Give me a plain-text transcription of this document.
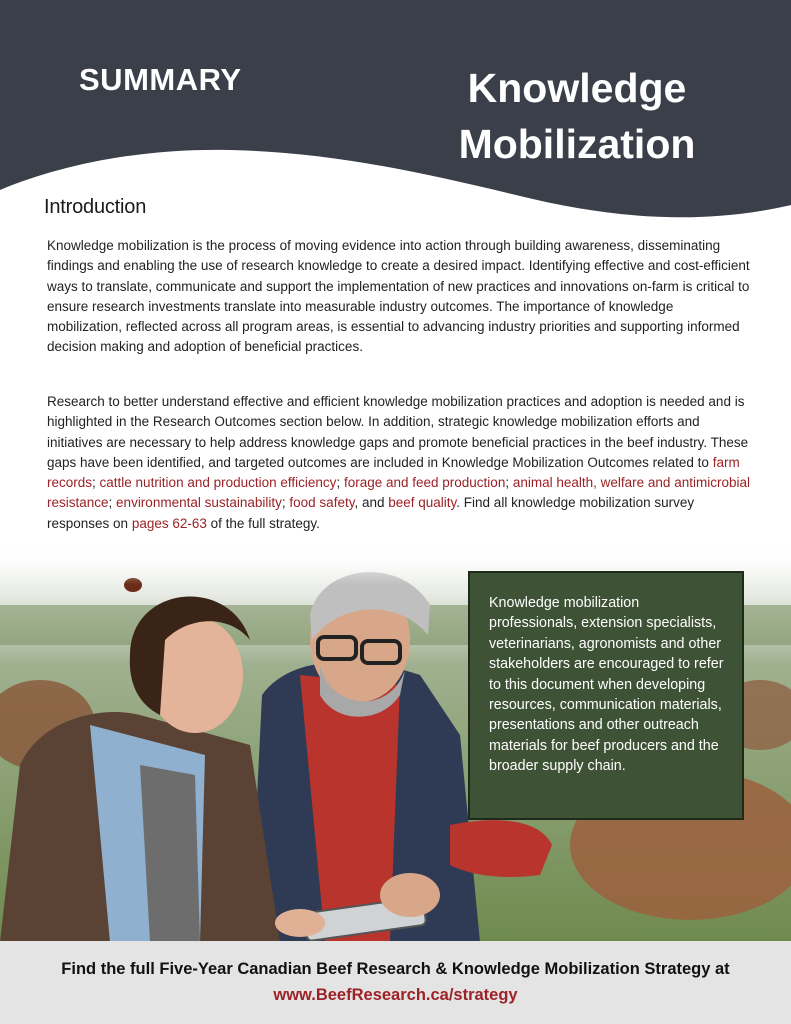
SUMMARY	Knowledge
Mobilization
Introduction

Knowledge mobilization is the process of moving evidence into action through building awareness, disseminating findings and enabling the use of research knowledge to create a desired impact. Identifying effective and cost-efficient ways to translate, communicate and support the implementation of new practices and innovations on-farm is critical to ensure research investments translate into measurable industry outcomes. The importance of knowledge mobilization, reflected across all program areas, is essential to advancing industry priorities and supporting informed decision making and adoption of beneficial practices.

Research to better understand effective and efficient knowledge mobilization practices and adoption is needed and is highlighted in the Research Outcomes section below. In addition, strategic knowledge mobilization efforts and initiatives are necessary to help address knowledge gaps and promote beneficial practices in the beef industry. These gaps have been identified, and targeted outcomes are included in Knowledge Mobilization Outcomes related to farm records; cattle nutrition and production efficiency; forage and feed production; animal health, welfare and antimicrobial resistance; environmental sustainability; food safety, and beef quality. Find all knowledge mobilization survey responses on pages 62-63 of the full strategy.

Knowledge mobilization professionals, extension specialists, veterinarians, agronomists and other stakeholders are encouraged to refer to this document when developing resources, communication materials, presentations and other outreach materials for beef producers and the broader supply chain.
Find the full Five-Year Canadian Beef Research & Knowledge Mobilization Strategy at
www.BeefResearch.ca/strategy
